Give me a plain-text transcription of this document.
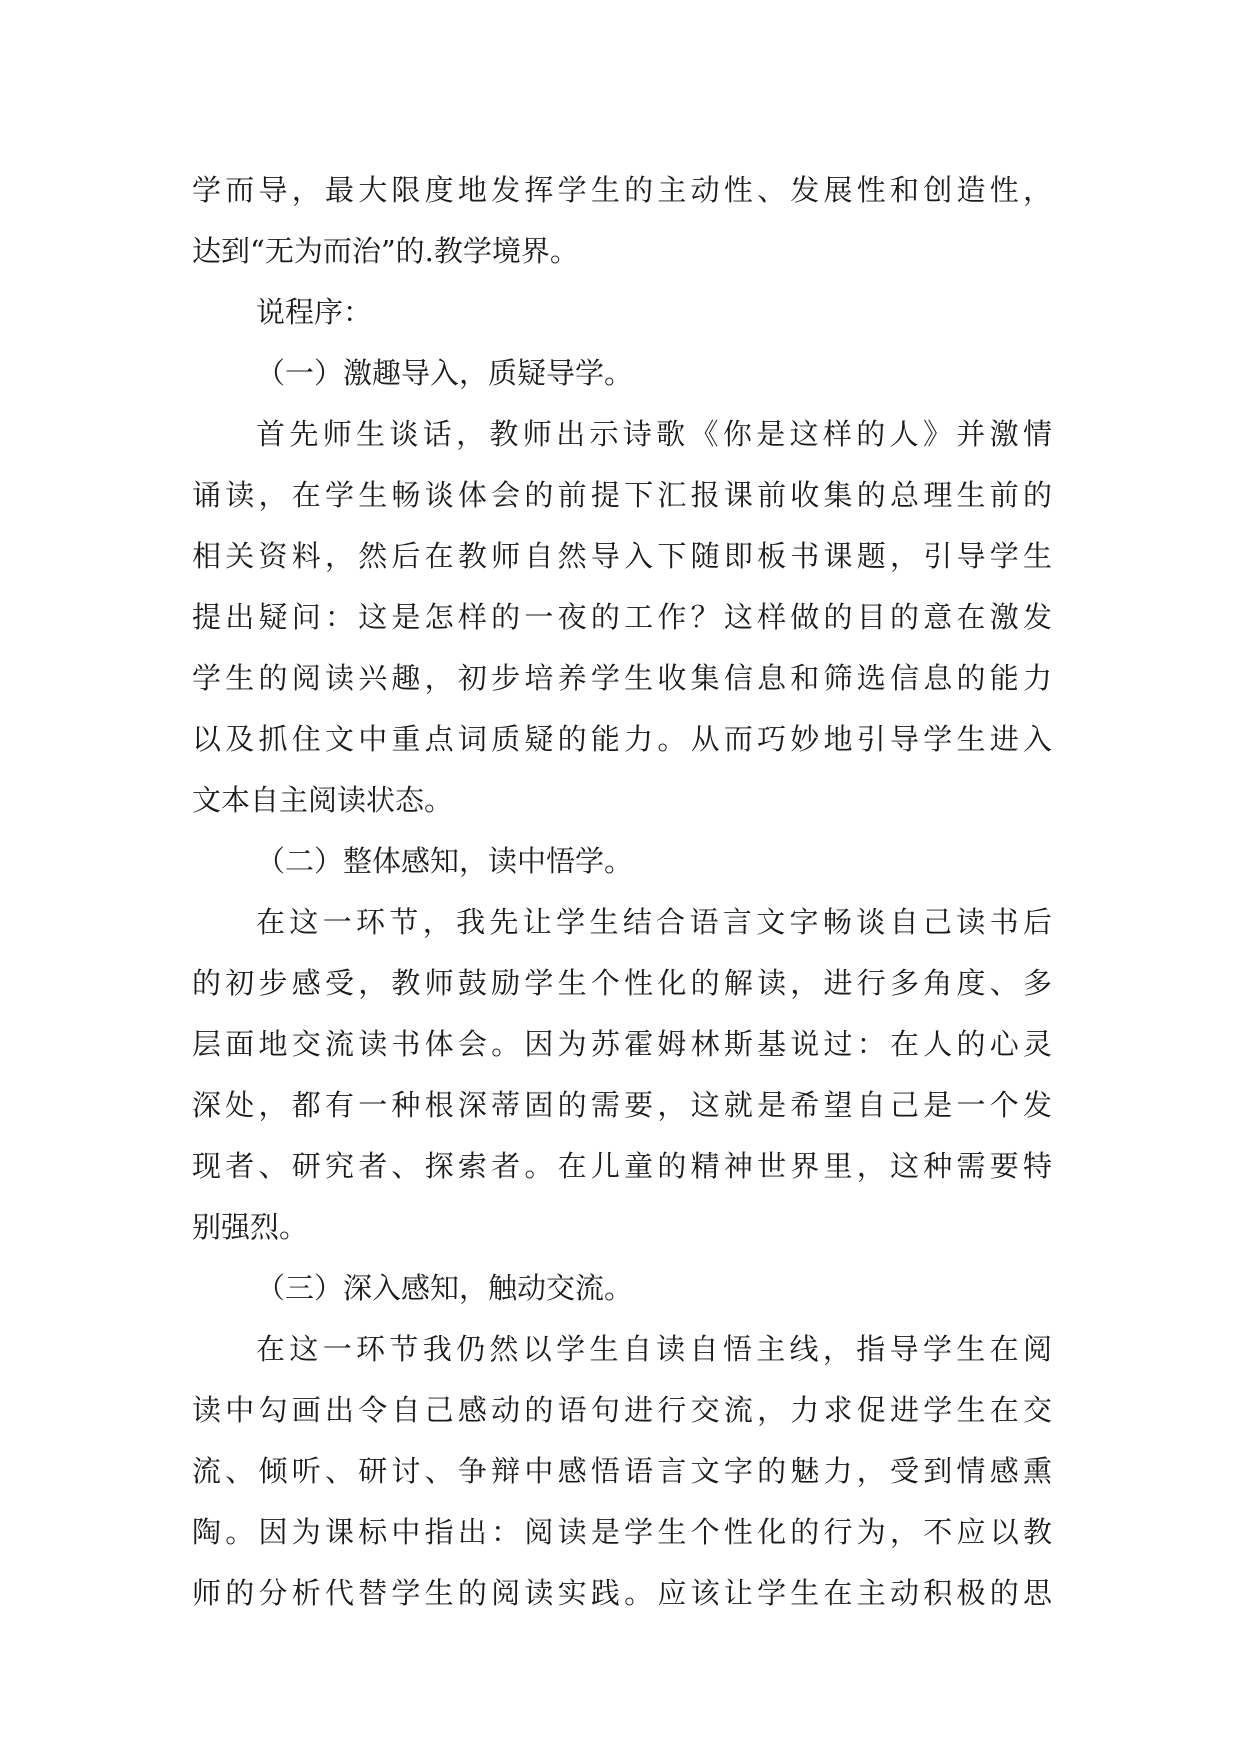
学而导，最大限度地发挥学生的主动性、发展性和创造性，
达到“无为而治”的.教学境界。
说程序：
（一）激趣导入，质疑导学。
首先师生谈话，教师出示诗歌《你是这样的人》并激情
诵读，在学生畅谈体会的前提下汇报课前收集的总理生前的
相关资料，然后在教师自然导入下随即板书课题，引导学生
提出疑问：这是怎样的一夜的工作？这样做的目的意在激发
学生的阅读兴趣，初步培养学生收集信息和筛选信息的能力
以及抓住文中重点词质疑的能力。从而巧妙地引导学生进入
文本自主阅读状态。
（二）整体感知，读中悟学。
在这一环节，我先让学生结合语言文字畅谈自己读书后
的初步感受，教师鼓励学生个性化的解读，进行多角度、多
层面地交流读书体会。因为苏霍姆林斯基说过：在人的心灵
深处，都有一种根深蒂固的需要，这就是希望自己是一个发
现者、研究者、探索者。在儿童的精神世界里，这种需要特
别强烈。
（三）深入感知，触动交流。
在这一环节我仍然以学生自读自悟主线，指导学生在阅
读中勾画出令自己感动的语句进行交流，力求促进学生在交
流、倾听、研讨、争辩中感悟语言文字的魅力，受到情感熏
陶。因为课标中指出：阅读是学生个性化的行为，不应以教
师的分析代替学生的阅读实践。应该让学生在主动积极的思
